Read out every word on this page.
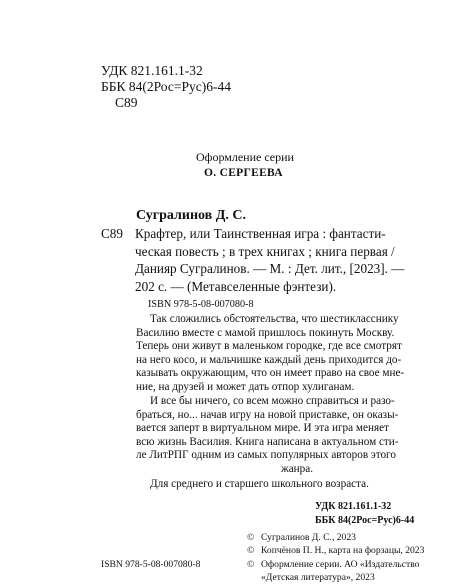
УДК 821.161.1-32
ББК 84(2Рос=Рус)6-44
С89
Оформление серии
О. СЕРГЕЕВА
Сугралинов Д. С.
С89 Крафтер, или Таинственная игра : фантасти-
ческая повесть ; в трех книгах ; книга первая /
Данияр Сугралинов. — М. : Дет. лит., [2023]. —
202 с. — (Метавселенные фэнтези).
ISBN 978-5-08-007080-8
Так сложились обстоятельства, что шестикласснику
Василию вместе с мамой пришлось покинуть Москву.
Теперь они живут в маленьком городке, где все смотрят
на него косо, и мальчишке каждый день приходится до-
казывать окружающим, что он имеет право на свое мне-
ние, на друзей и может дать отпор хулиганам.
И все бы ничего, со всем можно справиться и разо-
браться, но... начав игру на новой приставке, он оказы-
вается заперт в виртуальном мире. И эта игра меняет
всю жизнь Василия. Книга написана в актуальном сти-
ле ЛитРПГ одним из самых популярных авторов этого
жанра.
Для среднего и старшего школьного возраста.
УДК 821.161.1-32
ББК 84(2Рос=Рус)6-44
© Сугралинов Д. С., 2023
© Копчёнов П. Н., карта на форзацы, 2023
© Оформление серии. АО «Издательство
«Детская литература», 2023
ISBN 978-5-08-007080-8
